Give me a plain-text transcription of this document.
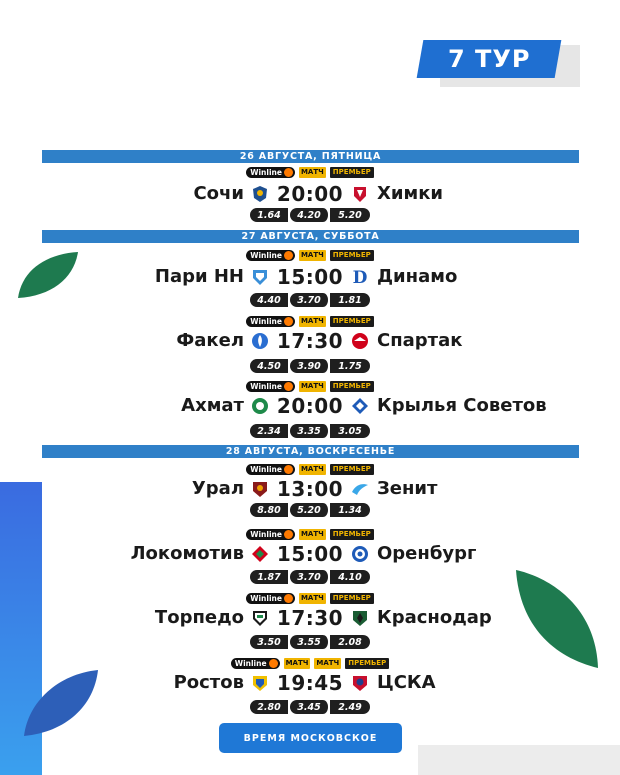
7 ТУР
26 АВГУСТА, ПЯТНИЦА
Winline	МАТЧ	ПРЕМЬЕР
Сочи	20:00	Химки
1.64	4.20	5.20
27 АВГУСТА, СУББОТА
Winline	МАТЧ	ПРЕМЬЕР
Пари НН	15:00 D Динамо
4.40	3.70	1.81
Winline	МАТЧ	ПРЕМЬЕР
Факел	17:30	Спартак
4.50	3.90	1.75
Winline	МАТЧ	ПРЕМЬЕР
Ахмат	20:00	Крылья Советов
2.34	3.35	3.05
28 АВГУСТА, ВОСКРЕСЕНЬЕ
Winline	МАТЧ	ПРЕМЬЕР
Урал	13:00	Зенит
8.80	5.20	1.34
Winline	МАТЧ	ПРЕМЬЕР
Локомотив	15:00	Оренбург
1.87	3.70	4.10
Winline	МАТЧ	ПРЕМЬЕР
Торпедо	17:30	Краснодар
3.50	3.55	2.08
Winline	МАТЧ МАТЧ	ПРЕМЬЕР
Ростов	19:45	ЦСКА
2.80	3.45	2.49
ВРЕМЯ МОСКОВСКОЕ
